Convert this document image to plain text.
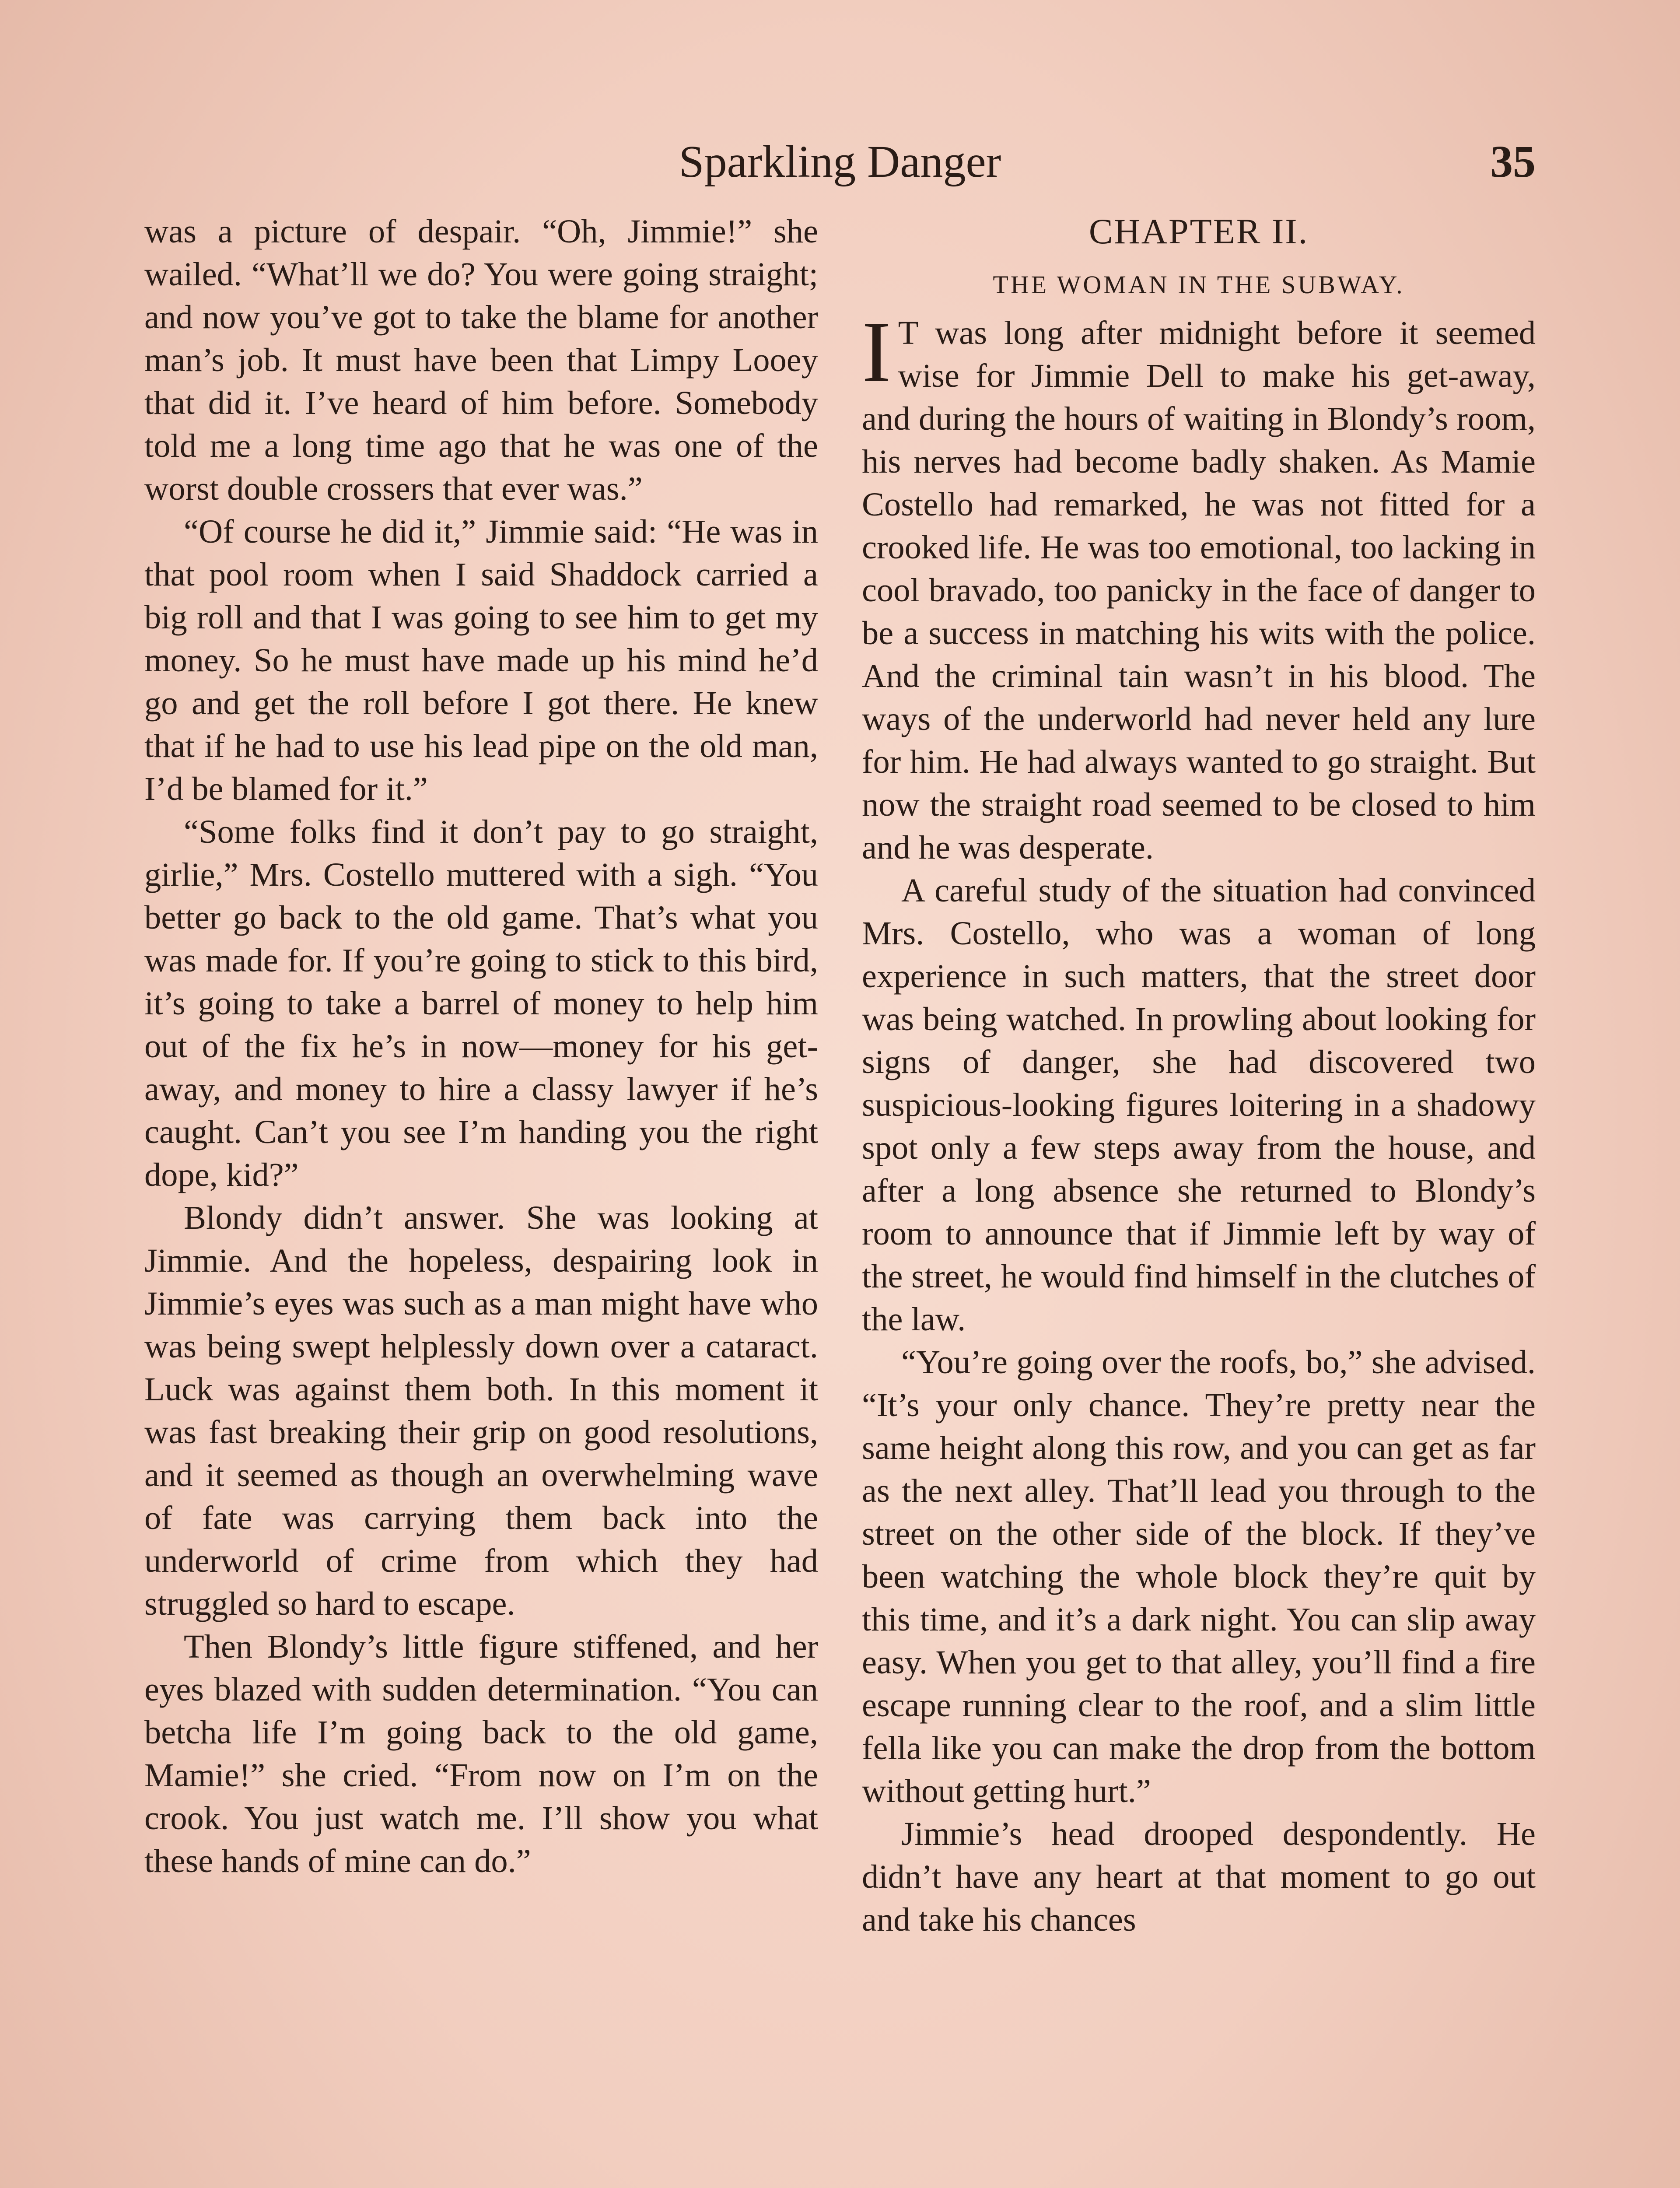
Sparkling Danger	35

was a picture of despair. “Oh, Jimmie!” she wailed. “What’ll we do? You were going straight; and now you’ve got to take the blame for another man’s job. It must have been that Limpy Looey that did it. I’ve heard of him before. Somebody told me a long time ago that he was one of the worst double crossers that ever was.”

“Of course he did it,” Jimmie said: “He was in that pool room when I said Shaddock carried a big roll and that I was going to see him to get my money. So he must have made up his mind he’d go and get the roll before I got there. He knew that if he had to use his lead pipe on the old man, I’d be blamed for it.”

“Some folks find it don’t pay to go straight, girlie,” Mrs. Costello muttered with a sigh. “You better go back to the old game. That’s what you was made for. If you’re going to stick to this bird, it’s going to take a barrel of money to help him out of the fix he’s in now—money for his get-away, and money to hire a classy lawyer if he’s caught. Can’t you see I’m handing you the right dope, kid?”

Blondy didn’t answer. She was looking at Jimmie. And the hopeless, despairing look in Jimmie’s eyes was such as a man might have who was being swept helplessly down over a cataract. Luck was against them both. In this moment it was fast breaking their grip on good resolutions, and it seemed as though an overwhelming wave of fate was carrying them back into the underworld of crime from which they had struggled so hard to escape.

Then Blondy’s little figure stiffened, and her eyes blazed with sudden determination. “You can betcha life I’m going back to the old game, Mamie!” she cried. “From now on I’m on the crook. You just watch me. I’ll show you what these hands of mine can do.”

CHAPTER II.
THE WOMAN IN THE SUBWAY.

I T was long after midnight before it seemed wise for Jimmie Dell to make his get-away, and during the hours of waiting in Blondy’s room, his nerves had become badly shaken. As Mamie Costello had remarked, he was not fitted for a crooked life. He was too emotional, too lacking in cool bravado, too panicky in the face of danger to be a success in matching his wits with the police. And the criminal tain wasn’t in his blood. The ways of the underworld had never held any lure for him. He had always wanted to go straight. But now the straight road seemed to be closed to him and he was desperate.

A careful study of the situation had convinced Mrs. Costello, who was a woman of long experience in such matters, that the street door was being watched. In prowling about looking for signs of danger, she had discovered two suspicious-looking figures loitering in a shadowy spot only a few steps away from the house, and after a long absence she returned to Blondy’s room to announce that if Jimmie left by way of the street, he would find himself in the clutches of the law.

“You’re going over the roofs, bo,” she advised. “It’s your only chance. They’re pretty near the same height along this row, and you can get as far as the next alley. That’ll lead you through to the street on the other side of the block. If they’ve been watching the whole block they’re quit by this time, and it’s a dark night. You can slip away easy. When you get to that alley, you’ll find a fire escape running clear to the roof, and a slim little fella like you can make the drop from the bottom without getting hurt.”

Jimmie’s head drooped despondently. He didn’t have any heart at that moment to go out and take his chances
